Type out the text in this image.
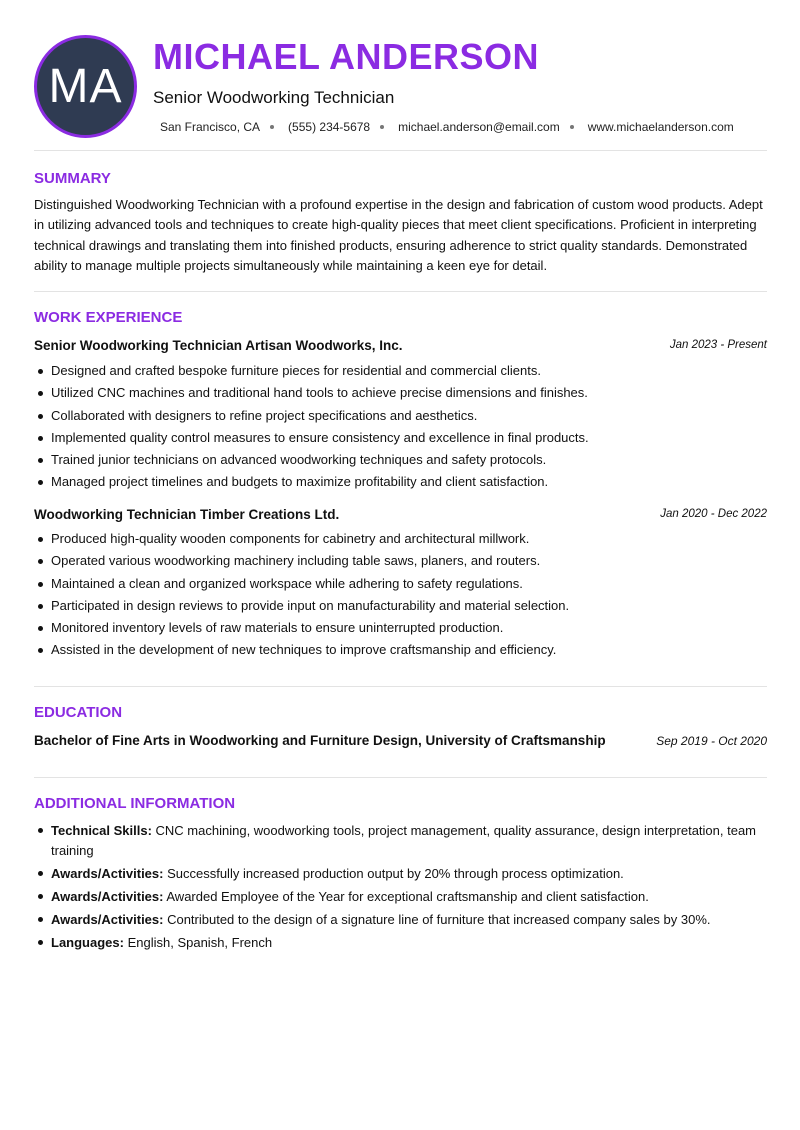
MA
MICHAEL ANDERSON
Senior Woodworking Technician
San Francisco, CA (555) 234-5678 michael.anderson@email.com www.michaelanderson.com
SUMMARY
Distinguished Woodworking Technician with a profound expertise in the design and fabrication of custom wood products. Adept in utilizing advanced tools and techniques to create high-quality pieces that meet client specifications. Proficient in interpreting technical drawings and translating them into finished products, ensuring adherence to strict quality standards. Demonstrated ability to manage multiple projects simultaneously while maintaining a keen eye for detail.
WORK EXPERIENCE
Senior Woodworking Technician Artisan Woodworks, Inc.	Jan 2023 - Present
Designed and crafted bespoke furniture pieces for residential and commercial clients.
Utilized CNC machines and traditional hand tools to achieve precise dimensions and finishes.
Collaborated with designers to refine project specifications and aesthetics.
Implemented quality control measures to ensure consistency and excellence in final products.
Trained junior technicians on advanced woodworking techniques and safety protocols.
Managed project timelines and budgets to maximize profitability and client satisfaction.
Woodworking Technician Timber Creations Ltd.	Jan 2020 - Dec 2022
Produced high-quality wooden components for cabinetry and architectural millwork.
Operated various woodworking machinery including table saws, planers, and routers.
Maintained a clean and organized workspace while adhering to safety regulations.
Participated in design reviews to provide input on manufacturability and material selection.
Monitored inventory levels of raw materials to ensure uninterrupted production.
Assisted in the development of new techniques to improve craftsmanship and efficiency.
EDUCATION
Bachelor of Fine Arts in Woodworking and Furniture Design, University of Craftsmanship	Sep 2019 - Oct 2020
ADDITIONAL INFORMATION
Technical Skills: CNC machining, woodworking tools, project management, quality assurance, design interpretation, team training
Awards/Activities: Successfully increased production output by 20% through process optimization.
Awards/Activities: Awarded Employee of the Year for exceptional craftsmanship and client satisfaction.
Awards/Activities: Contributed to the design of a signature line of furniture that increased company sales by 30%.
Languages: English, Spanish, French
